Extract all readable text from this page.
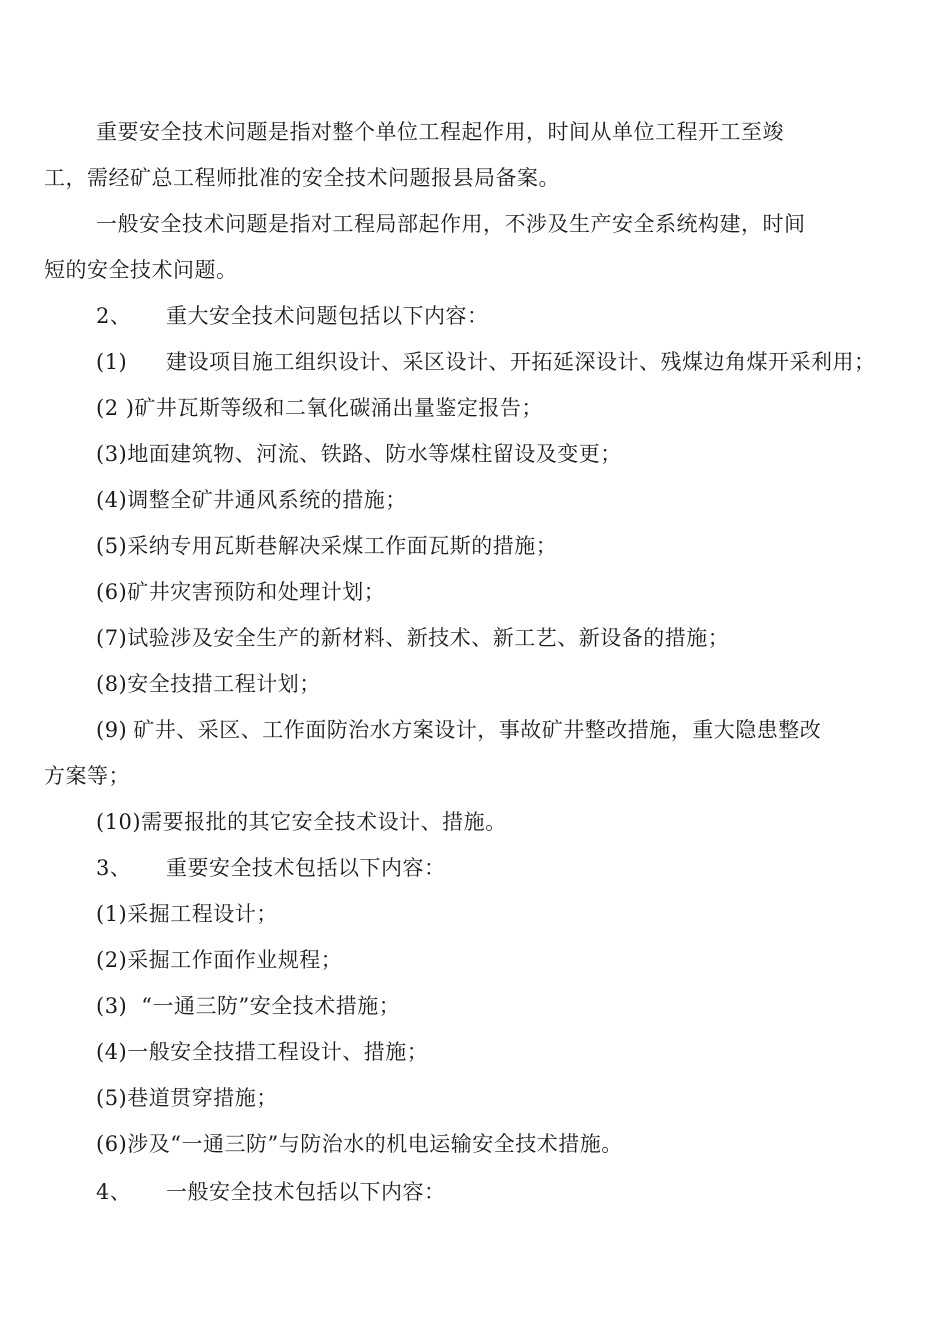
重要安全技术问题是指对整个单位工程起作用，时间从单位工程开工至竣
工，需经矿总工程师批准的安全技术问题报县局备案。
一般安全技术问题是指对工程局部起作用，不涉及生产安全系统构建，时间
短的安全技术问题。
2、 重大安全技术问题包括以下内容：
(1) 建设项目施工组织设计、采区设计、开拓延深设计、残煤边角煤开采利用；
(2 )矿井瓦斯等级和二氧化碳涌出量鉴定报告；
(3)地面建筑物、河流、铁路、防水等煤柱留设及变更；
(4)调整全矿井通风系统的措施；
(5)采纳专用瓦斯巷解决采煤工作面瓦斯的措施；
(6)矿井灾害预防和处理计划；
(7)试验涉及安全生产的新材料、新技术、新工艺、新设备的措施；
(8)安全技措工程计划；
(9) 矿井、采区、工作面防治水方案设计，事故矿井整改措施，重大隐患整改
方案等；
(10)需要报批的其它安全技术设计、措施。
3、 重要安全技术包括以下内容：
(1)采掘工程设计；
(2)采掘工作面作业规程；
(3) “一通三防”安全技术措施；
(4)一般安全技措工程设计、措施；
(5)巷道贯穿措施；
(6)涉及“一通三防”与防治水的机电运输安全技术措施。
4、 一般安全技术包括以下内容：
